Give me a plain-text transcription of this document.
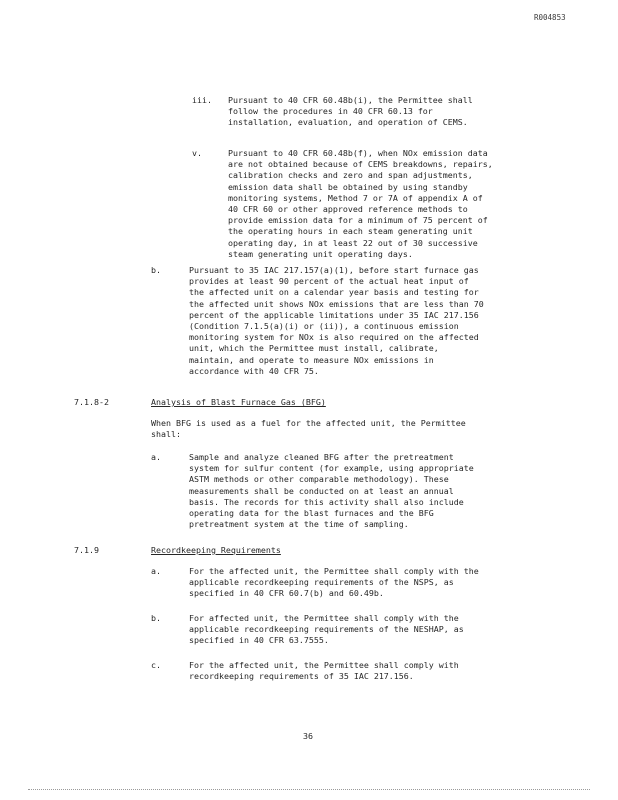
R004853
iii. Pursuant to 40 CFR 60.48b(i), the Permittee shall
follow the procedures in 40 CFR 60.13 for
installation, evaluation, and operation of CEMS.
v.	Pursuant to 40 CFR 60.48b(f), when NOx emission data
are not obtained because of CEMS breakdowns, repairs,
calibration checks and zero and span adjustments,
emission data shall be obtained by using standby
monitoring systems, Method 7 or 7A of appendix A of
40 CFR 60 or other approved reference methods to
provide emission data for a minimum of 75 percent of
the operating hours in each steam generating unit
operating day, in at least 22 out of 30 successive
steam generating unit operating days.
b.	Pursuant to 35 IAC 217.157(a)(1), before start furnace gas
provides at least 90 percent of the actual heat input of
the affected unit on a calendar year basis and testing for
the affected unit shows NOx emissions that are less than 70
percent of the applicable limitations under 35 IAC 217.156
(Condition 7.1.5(a)(i) or (ii)), a continuous emission
monitoring system for NOx is also required on the affected
unit, which the Permittee must install, calibrate,
maintain, and operate to measure NOx emissions in
accordance with 40 CFR 75.
7.1.8-2	Analysis of Blast Furnace Gas (BFG)
When BFG is used as a fuel for the affected unit, the Permittee
shall:
a.	Sample and analyze cleaned BFG after the pretreatment
system for sulfur content (for example, using appropriate
ASTM methods or other comparable methodology). These
measurements shall be conducted on at least an annual
basis. The records for this activity shall also include
operating data for the blast furnaces and the BFG
pretreatment system at the time of sampling.
7.1.9	Recordkeeping Requirements
a.	For the affected unit, the Permittee shall comply with the
applicable recordkeeping requirements of the NSPS, as
specified in 40 CFR 60.7(b) and 60.49b.
b.	For affected unit, the Permittee shall comply with the
applicable recordkeeping requirements of the NESHAP, as
specified in 40 CFR 63.7555.
c.	For the affected unit, the Permittee shall comply with
recordkeeping requirements of 35 IAC 217.156.
36
